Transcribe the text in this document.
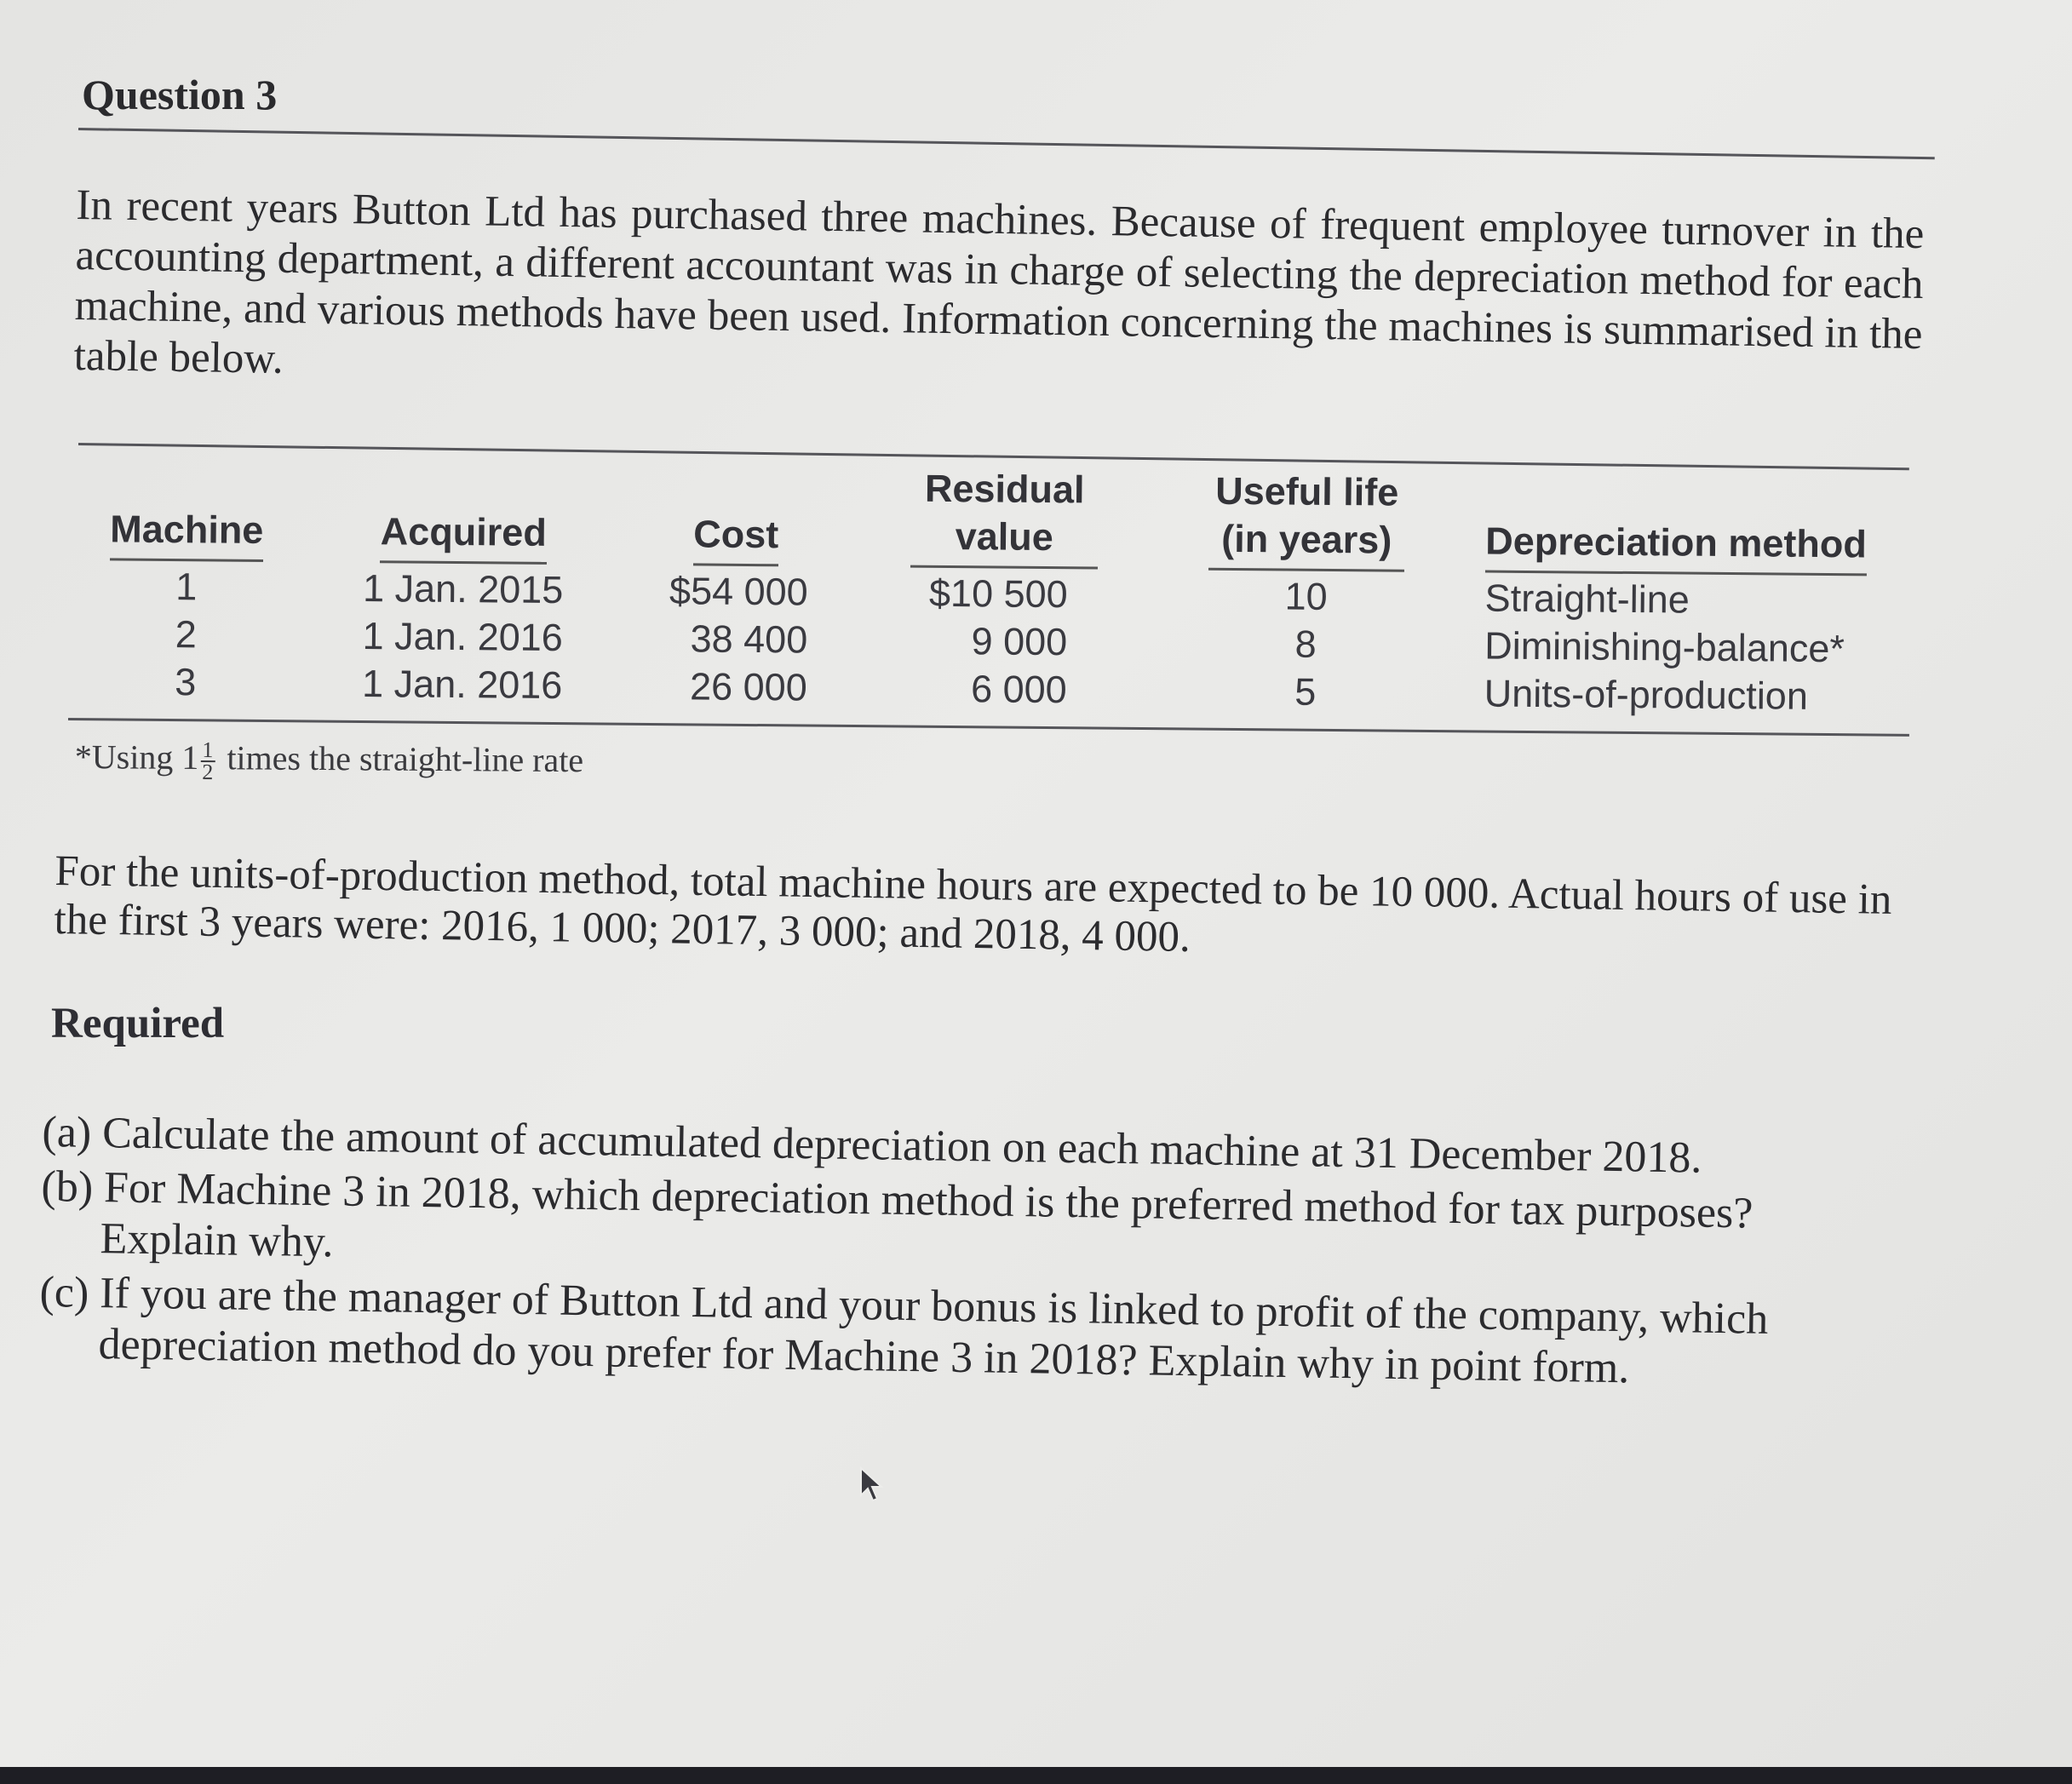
Question 3
In recent years Button Ltd has purchased three machines. Because of frequent employee turnover in the accounting department, a different accountant was in charge of selecting the depreciation method for each machine, and various methods have been used. Information concerning the machines is summarised in the table below.
Machine
1
2
3
Acquired
1 Jan. 2015
1 Jan. 2016
1 Jan. 2016
Cost
$54 000
38 400
26 000
Residual
value
$10 500
9 000
6 000
Useful life
(in years)
10
8
5
Depreciation method
Straight-line
Diminishing-balance*
Units-of-production
*Using $1 \frac{1}{2}$ times the straight-line rate
For the units-of-production method, total machine hours are expected to be 10 000. Actual hours of use in the first 3 years were: 2016, 1 000; 2017, 3 000; and 2018, 4 000.
Required
(a) Calculate the amount of accumulated depreciation on each machine at 31 December 2018.
(b) For Machine 3 in 2018, which depreciation method is the preferred method for tax purposes? Explain why.
(c) If you are the manager of Button Ltd and your bonus is linked to profit of the company, which depreciation method do you prefer for Machine 3 in 2018? Explain why in point form.
